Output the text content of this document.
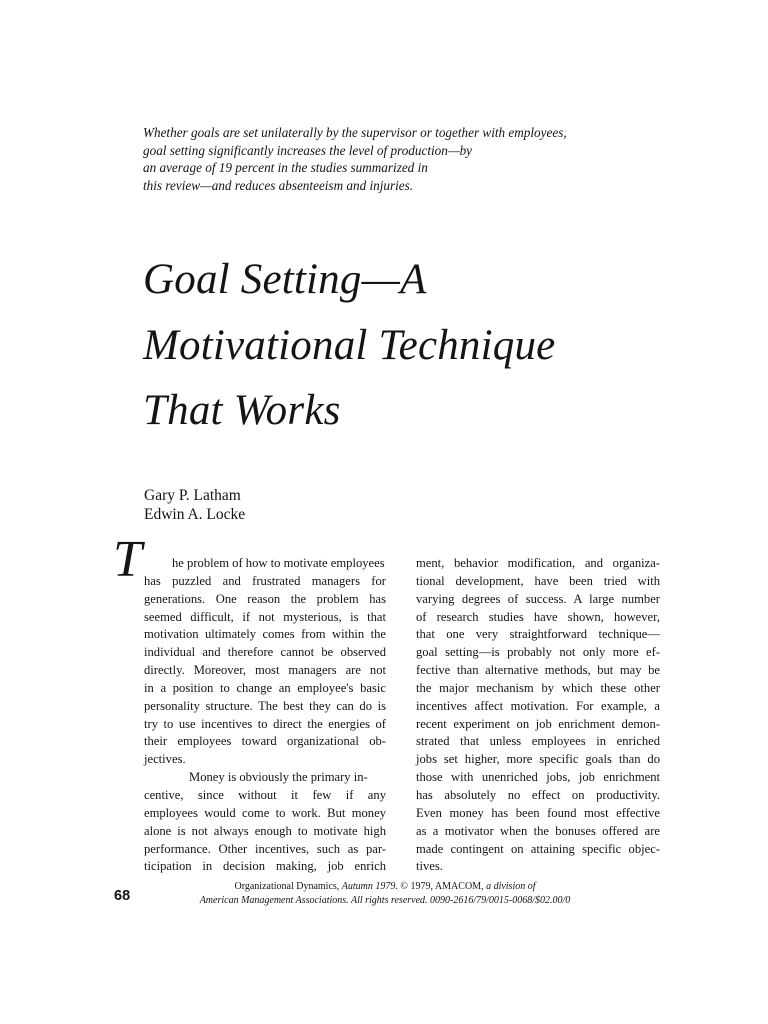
Whether goals are set unilaterally by the supervisor or together with employees,
goal setting significantly increases the level of production—by
an average of 19 percent in the studies summarized in
this review—and reduces absenteeism and injuries.
Goal Setting—A
Motivational Technique
That Works
Gary P. Latham
Edwin A. Locke
T	he problem of how to motivate employees
has puzzled and frustrated managers for
generations. One reason the problem has
seemed difficult, if not mysterious, is that
motivation ultimately comes from within the
individual and therefore cannot be observed
directly. Moreover, most managers are not
in a position to change an employee's basic
personality structure. The best they can do is
try to use incentives to direct the energies of
their employees toward organizational ob-
jectives.
Money is obviously the primary in-
centive, since without it few if any
employees would come to work. But money
alone is not always enough to motivate high
performance. Other incentives, such as par-
ticipation in decision making, job enrich
ment, behavior modification, and organiza-
tional development, have been tried with
varying degrees of success. A large number
of research studies have shown, however,
that one very straightforward technique—
goal setting—is probably not only more ef-
fective than alternative methods, but may be
the major mechanism by which these other
incentives affect motivation. For example, a
recent experiment on job enrichment demon-
strated that unless employees in enriched
jobs set higher, more specific goals than do
those with unenriched jobs, job enrichment
has absolutely no effect on productivity.
Even money has been found most effective
as a motivator when the bonuses offered are
made contingent on attaining specific objec-
tives.
68
Organizational Dynamics, Autumn 1979. © 1979, AMACOM, a division of
American Management Associations. All rights reserved. 0090-2616/79/0015-0068/$02.00/0
